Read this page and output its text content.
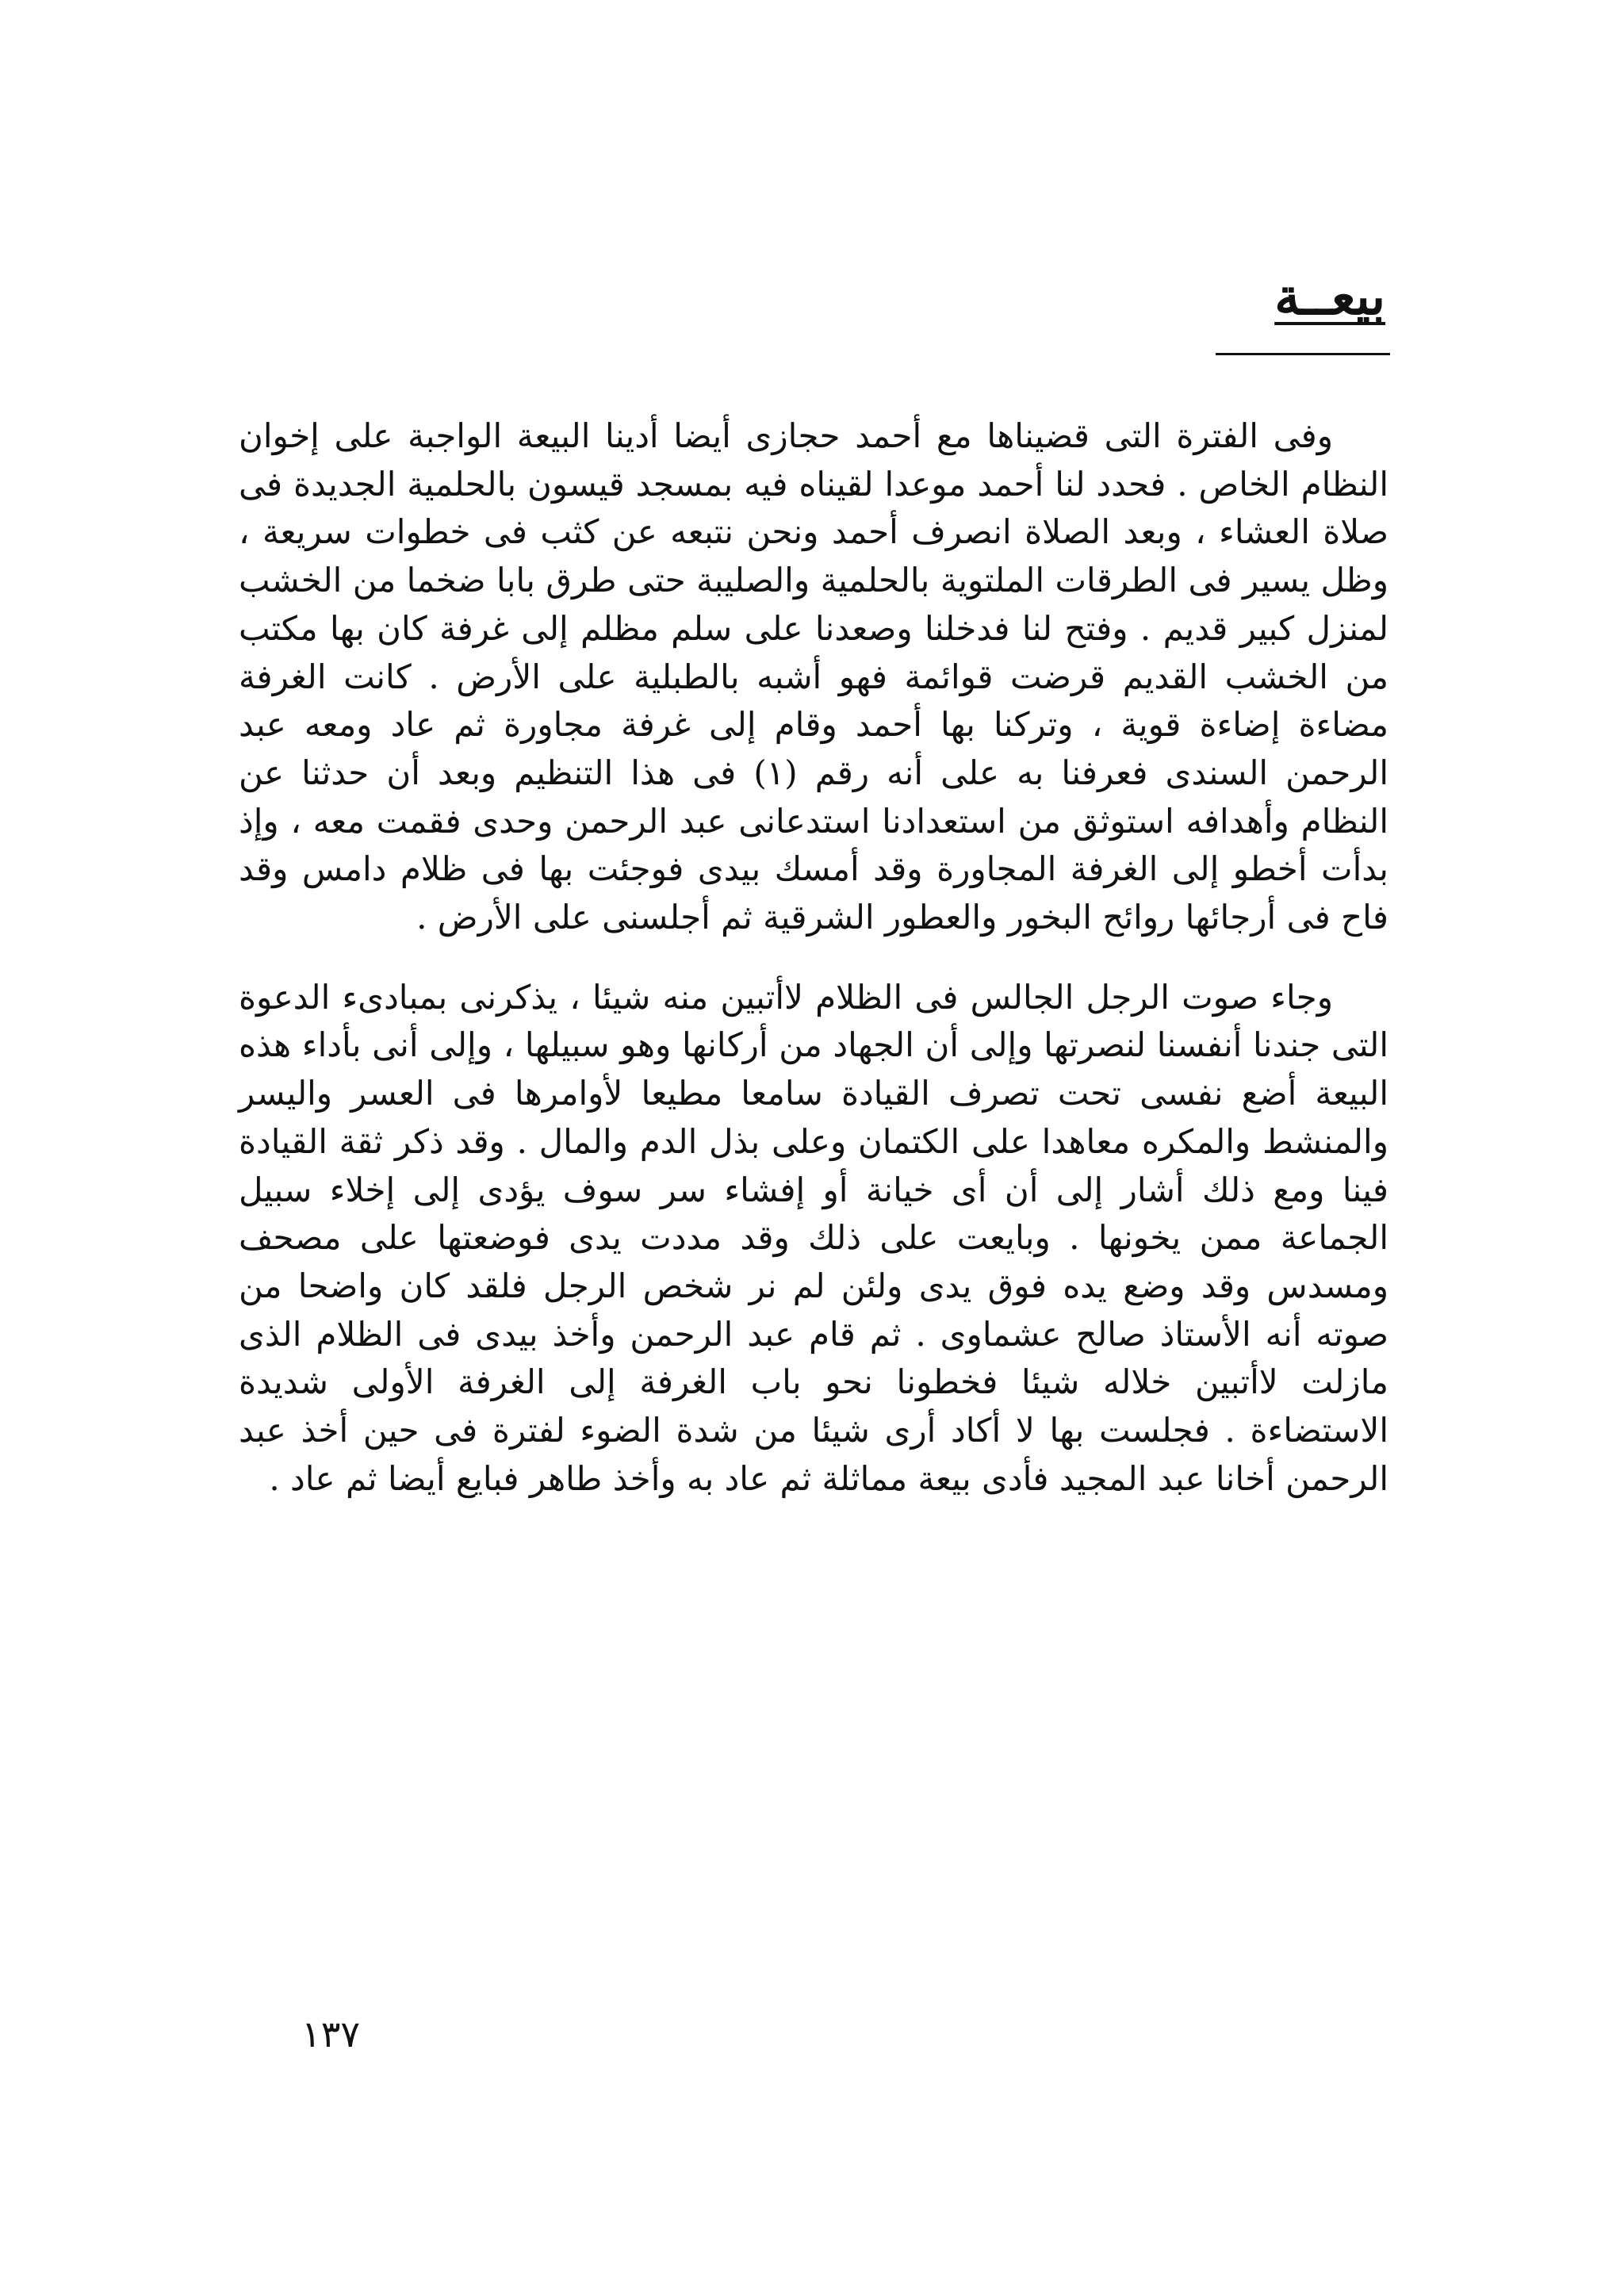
بيعــة

وفى الفترة التى قضيناها مع أحمد حجازى أيضا أدينا البيعة الواجبة على إخوان النظام الخاص . فحدد لنا أحمد موعدا لقيناه فيه بمسجد قيسون بالحلمية الجديدة فى صلاة العشاء ، وبعد الصلاة انصرف أحمد ونحن نتبعه عن كثب فى خطوات سريعة ، وظل يسير فى الطرقات الملتوية بالحلمية والصليبة حتى طرق بابا ضخما من الخشب لمنزل كبير قديم . وفتح لنا فدخلنا وصعدنا على سلم مظلم إلى غرفة كان بها مكتب من الخشب القديم قرضت قوائمة فهو أشبه بالطبلية على الأرض . كانت الغرفة مضاءة إضاءة قوية ، وتركنا بها أحمد وقام إلى غرفة مجاورة ثم عاد ومعه عبد الرحمن السندى فعرفنا به على أنه رقم (١) فى هذا التنظيم وبعد أن حدثنا عن النظام وأهدافه استوثق من استعدادنا استدعانى عبد الرحمن وحدى فقمت معه ، وإذ بدأت أخطو إلى الغرفة المجاورة وقد أمسك بيدى فوجئت بها فى ظلام دامس وقد فاح فى أرجائها روائح البخور والعطور الشرقية ثم أجلسنى على الأرض .

وجاء صوت الرجل الجالس فى الظلام لاأتبين منه شيئا ، يذكرنى بمبادىء الدعوة التى جندنا أنفسنا لنصرتها وإلى أن الجهاد من أركانها وهو سبيلها ، وإلى أنى بأداء هذه البيعة أضع نفسى تحت تصرف القيادة سامعا مطيعا لأوامرها فى العسر واليسر والمنشط والمكره معاهدا على الكتمان وعلى بذل الدم والمال . وقد ذكر ثقة القيادة فينا ومع ذلك أشار إلى أن أى خيانة أو إفشاء سر سوف يؤدى إلى إخلاء سبيل الجماعة ممن يخونها . وبايعت على ذلك وقد مددت يدى فوضعتها على مصحف ومسدس وقد وضع يده فوق يدى ولئن لم نر شخص الرجل فلقد كان واضحا من صوته أنه الأستاذ صالح عشماوى . ثم قام عبد الرحمن وأخذ بيدى فى الظلام الذى مازلت لاأتبين خلاله شيئا فخطونا نحو باب الغرفة إلى الغرفة الأولى شديدة الاستضاءة . فجلست بها لا أكاد أرى شيئا من شدة الضوء لفترة فى حين أخذ عبد الرحمن أخانا عبد المجيد فأدى بيعة مماثلة ثم عاد به وأخذ طاهر فبايع أيضا ثم عاد .

١٣٧
